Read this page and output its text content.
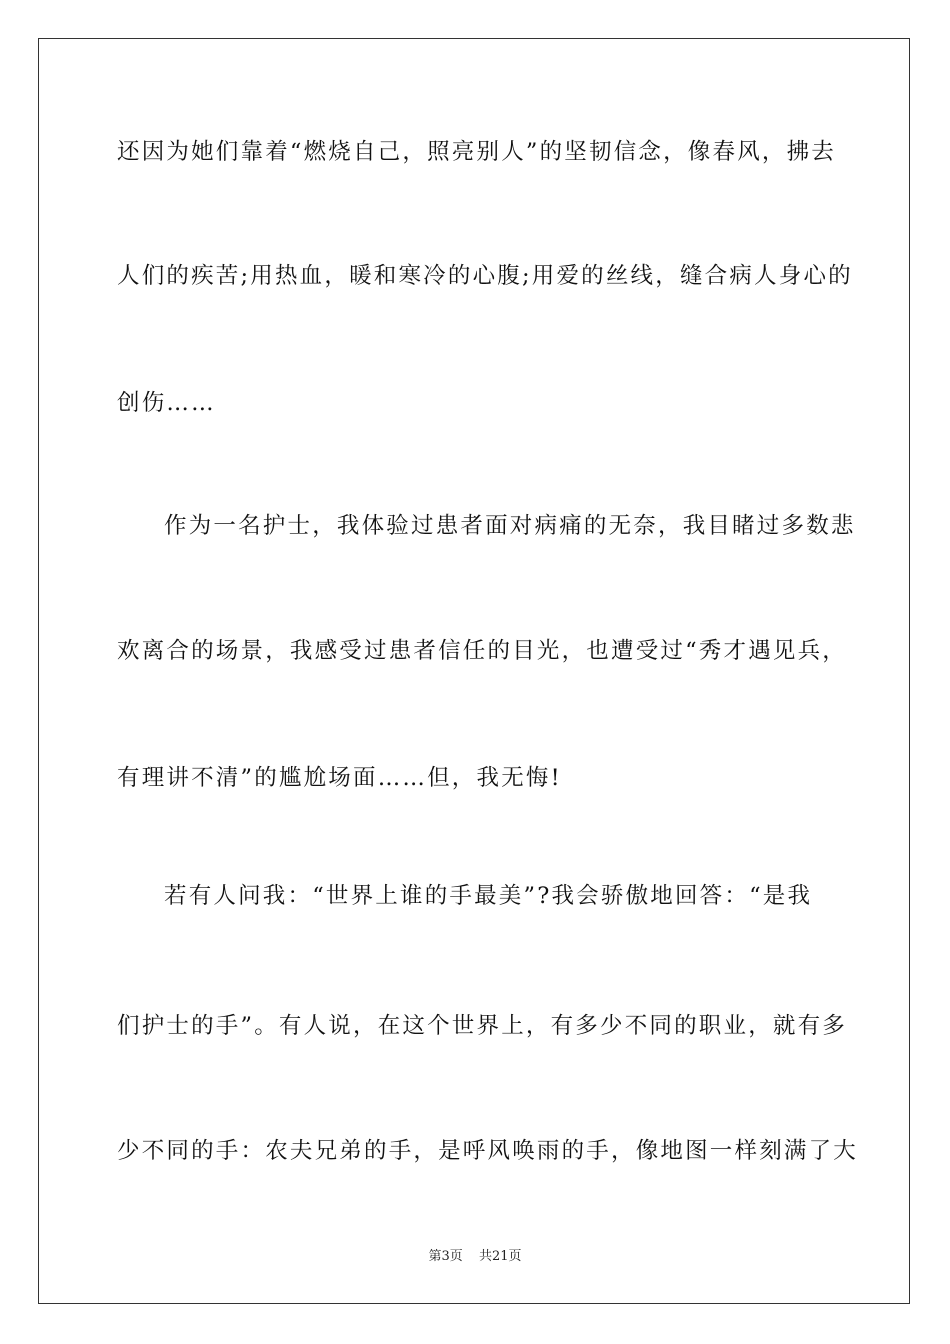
还因为她们靠着“燃烧自己，照亮别人”的坚韧信念，像春风，拂去
人们的疾苦;用热血，暖和寒冷的心腹;用爱的丝线，缝合病人身心的
创伤……
作为一名护士，我体验过患者面对病痛的无奈，我目睹过多数悲
欢离合的场景，我感受过患者信任的目光，也遭受过“秀才遇见兵，
有理讲不清”的尴尬场面……但，我无悔!
若有人问我：“世界上谁的手最美”?我会骄傲地回答：“是我
们护士的手”。有人说，在这个世界上，有多少不同的职业，就有多
少不同的手：农夫兄弟的手，是呼风唤雨的手，像地图一样刻满了大
第3页 共21页
